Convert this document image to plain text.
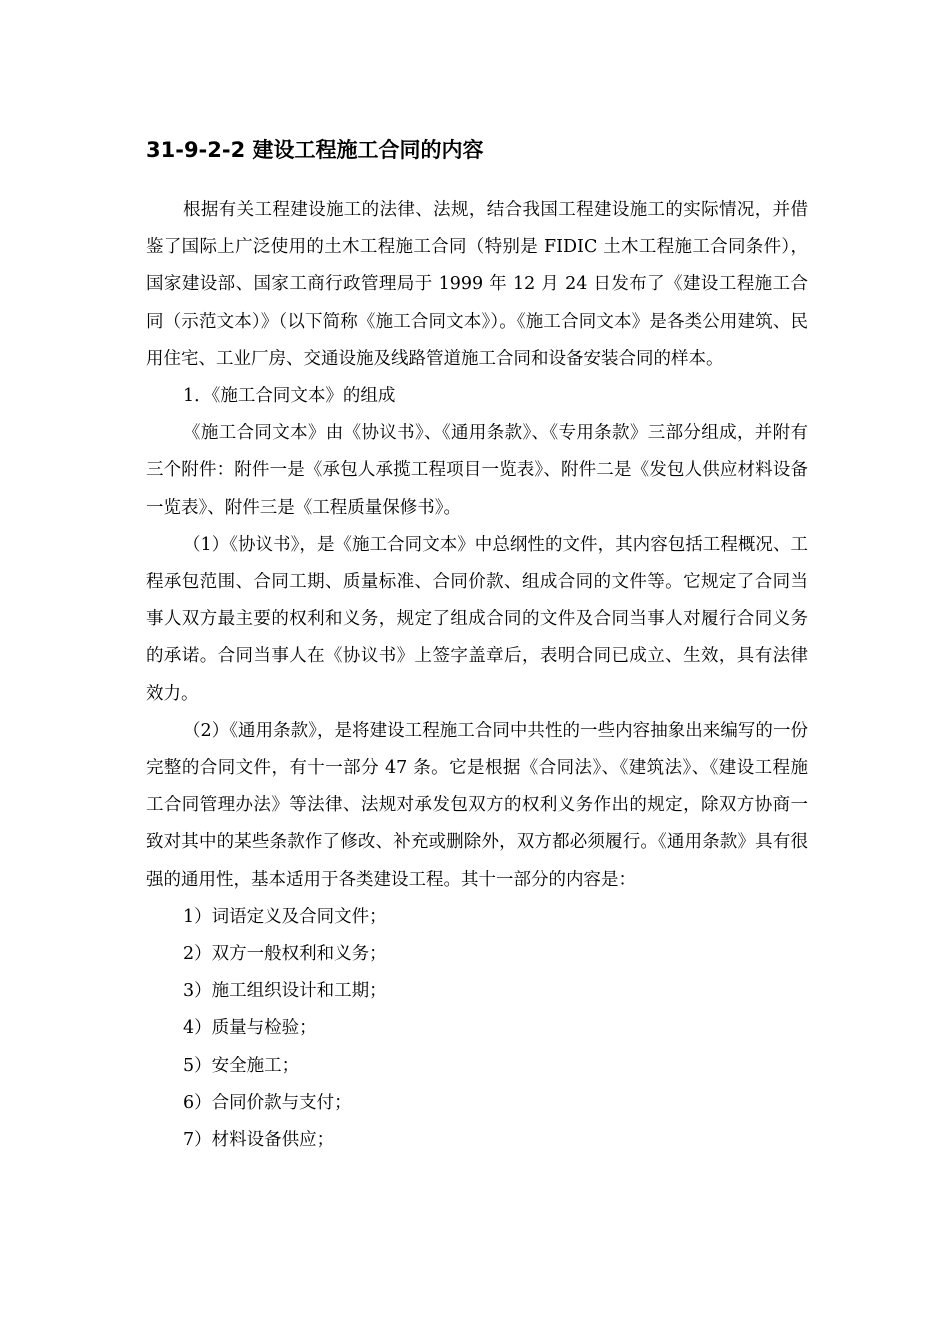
31-9-2-2 建设工程施工合同的内容

根据有关工程建设施工的法律、法规，结合我国工程建设施工的实际情况，并借鉴了国际上广泛使用的土木工程施工合同（特别是 FIDIC 土木工程施工合同条件），国家建设部、国家工商行政管理局于 1999 年 12 月 24 日发布了《建设工程施工合同（示范文本）》（以下简称《施工合同文本》）。《施工合同文本》是各类公用建筑、民用住宅、工业厂房、交通设施及线路管道施工合同和设备安装合同的样本。

1．《施工合同文本》的组成

《施工合同文本》由《协议书》、《通用条款》、《专用条款》三部分组成，并附有三个附件：附件一是《承包人承揽工程项目一览表》、附件二是《发包人供应材料设备一览表》、附件三是《工程质量保修书》。

（1）《协议书》，是《施工合同文本》中总纲性的文件，其内容包括工程概况、工程承包范围、合同工期、质量标准、合同价款、组成合同的文件等。它规定了合同当事人双方最主要的权利和义务，规定了组成合同的文件及合同当事人对履行合同义务的承诺。合同当事人在《协议书》上签字盖章后，表明合同已成立、生效，具有法律效力。

（2）《通用条款》，是将建设工程施工合同中共性的一些内容抽象出来编写的一份完整的合同文件，有十一部分 47 条。它是根据《合同法》、《建筑法》、《建设工程施工合同管理办法》等法律、法规对承发包双方的权利义务作出的规定，除双方协商一致对其中的某些条款作了修改、补充或删除外，双方都必须履行。《通用条款》具有很强的通用性，基本适用于各类建设工程。其十一部分的内容是：

1）词语定义及合同文件；

2）双方一般权利和义务；

3）施工组织设计和工期；

4）质量与检验；

5）安全施工；

6）合同价款与支付；

7）材料设备供应；
